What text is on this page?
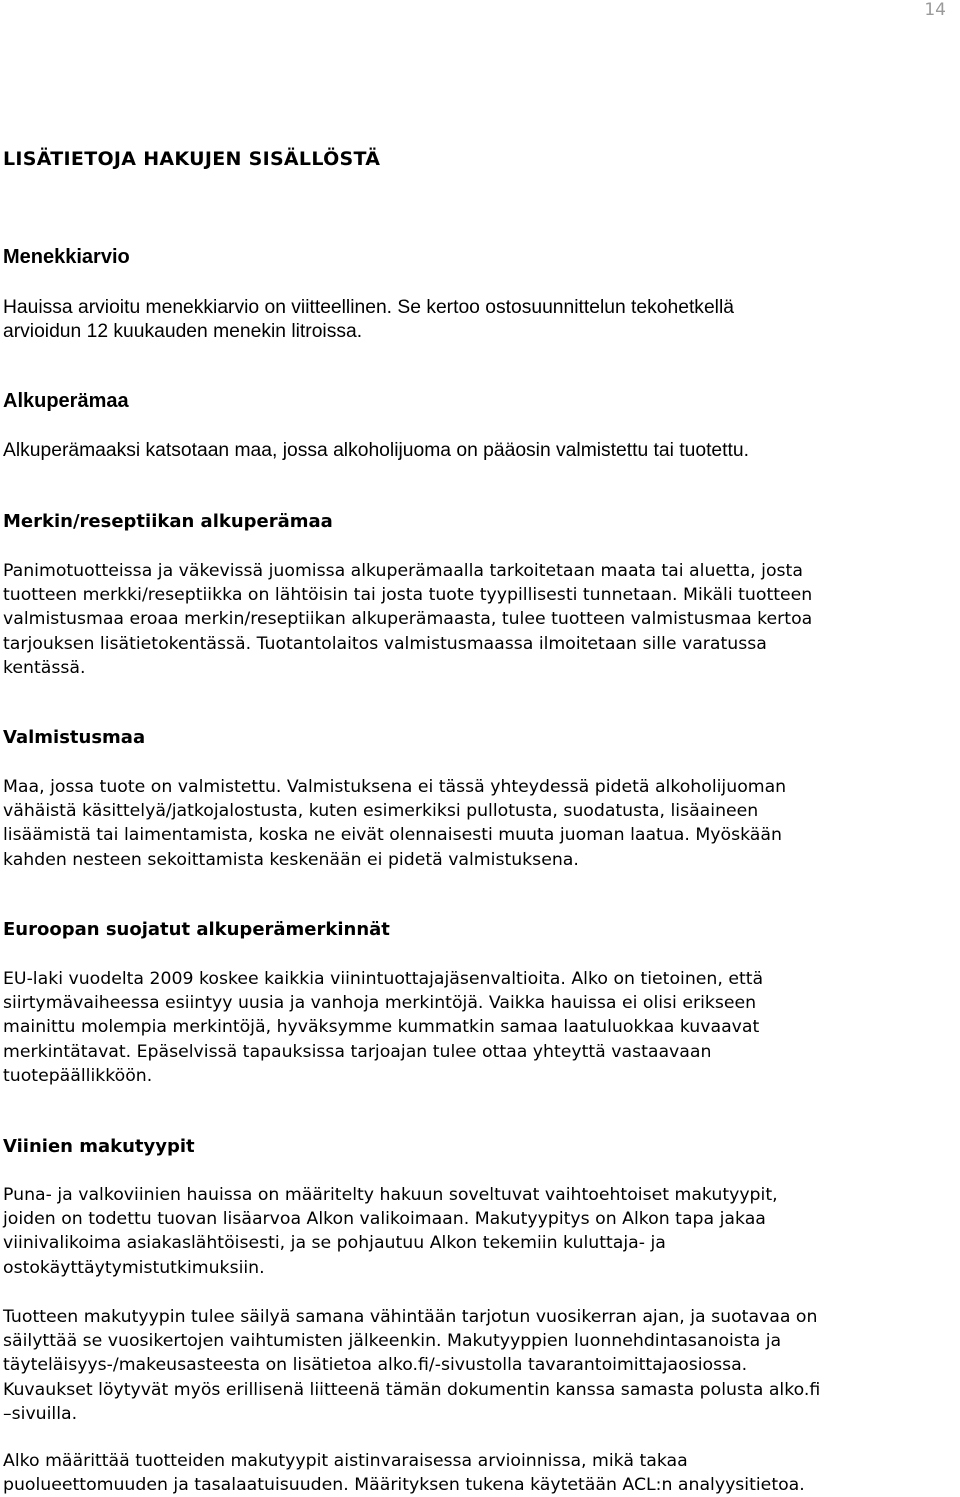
14
LISÄTIETOJA HAKUJEN SISÄLLÖSTÄ
Menekkiarvio

Hauissa arvioitu menekkiarvio on viitteellinen. Se kertoo ostosuunnittelun tekohetkellä
arvioidun 12 kuukauden menekin litroissa.

Alkuperämaa

Alkuperämaaksi katsotaan maa, jossa alkoholijuoma on pääosin valmistettu tai tuotettu.

Merkin/reseptiikan alkuperämaa

Panimotuotteissa ja väkevissä juomissa alkuperämaalla tarkoitetaan maata tai aluetta, josta
tuotteen merkki/reseptiikka on lähtöisin tai josta tuote tyypillisesti tunnetaan. Mikäli tuotteen
valmistusmaa eroaa merkin/reseptiikan alkuperämaasta, tulee tuotteen valmistusmaa kertoa
tarjouksen lisätietokentässä. Tuotantolaitos valmistusmaassa ilmoitetaan sille varatussa
kentässä.

Valmistusmaa

Maa, jossa tuote on valmistettu. Valmistuksena ei tässä yhteydessä pidetä alkoholijuoman
vähäistä käsittelyä/jatkojalostusta, kuten esimerkiksi pullotusta, suodatusta, lisäaineen
lisäämistä tai laimentamista, koska ne eivät olennaisesti muuta juoman laatua. Myöskään
kahden nesteen sekoittamista keskenään ei pidetä valmistuksena.

Euroopan suojatut alkuperämerkinnät

EU-laki vuodelta 2009 koskee kaikkia viinintuottajajäsenvaltioita. Alko on tietoinen, että
siirtymävaiheessa esiintyy uusia ja vanhoja merkintöjä. Vaikka hauissa ei olisi erikseen
mainittu molempia merkintöjä, hyväksymme kummatkin samaa laatuluokkaa kuvaavat
merkintätavat. Epäselvissä tapauksissa tarjoajan tulee ottaa yhteyttä vastaavaan
tuotepäällikköön.

Viinien makutyypit

Puna- ja valkoviinien hauissa on määritelty hakuun soveltuvat vaihtoehtoiset makutyypit,
joiden on todettu tuovan lisäarvoa Alkon valikoimaan. Makutyypitys on Alkon tapa jakaa
viinivalikoima asiakaslähtöisesti, ja se pohjautuu Alkon tekemiin kuluttaja- ja
ostokäyttäytymistutkimuksiin.

Tuotteen makutyypin tulee säilyä samana vähintään tarjotun vuosikerran ajan, ja suotavaa on
säilyttää se vuosikertojen vaihtumisten jälkeenkin. Makutyyppien luonnehdintasanoista ja
täyteläisyys-/makeusasteesta on lisätietoa alko.fi/-sivustolla tavarantoimittajaosiossa.
Kuvaukset löytyvät myös erillisenä liitteenä tämän dokumentin kanssa samasta polusta alko.fi
–sivuilla.

Alko määrittää tuotteiden makutyypit aistinvaraisessa arvioinnissa, mikä takaa
puolueettomuuden ja tasalaatuisuuden. Määrityksen tukena käytetään ACL:n analyysitietoa.
